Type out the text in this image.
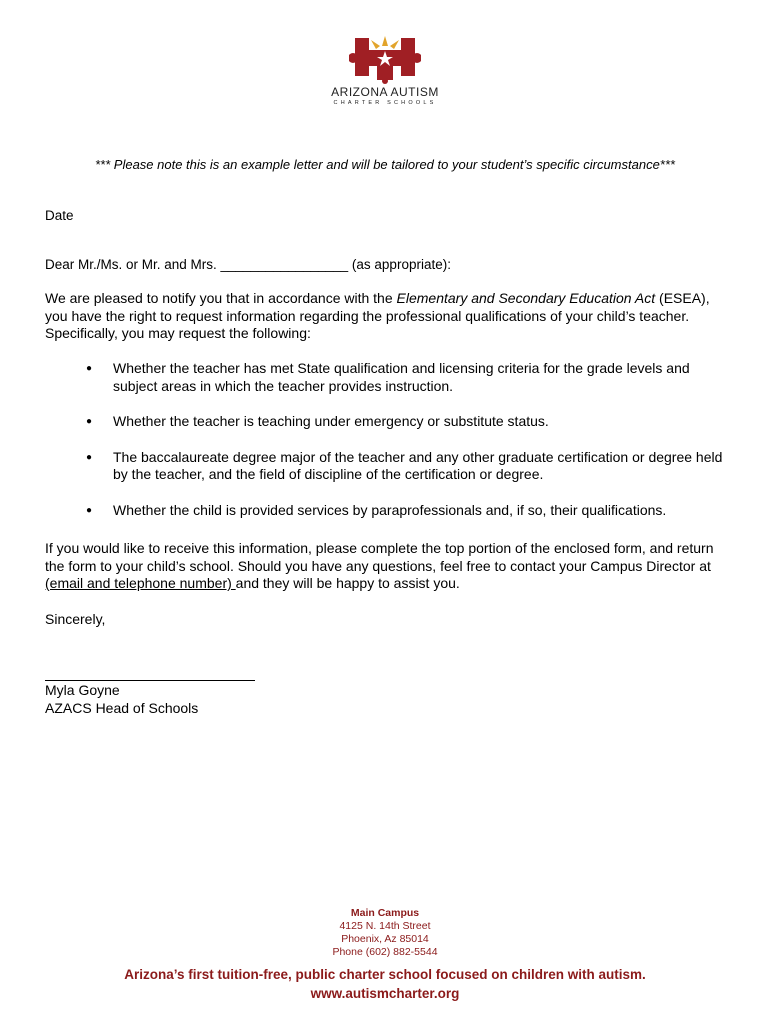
ARIZONA AUTISM
CHARTER SCHOOLS
*** Please note this is an example letter and will be tailored to your student’s specific circumstance***
Date
Dear Mr./Ms. or Mr. and Mrs. _________________ (as appropriate):
We are pleased to notify you that in accordance with the Elementary and Secondary Education Act (ESEA), you have the right to request information regarding the professional qualifications of your child’s teacher. Specifically, you may request the following:
● Whether the teacher has met State qualification and licensing criteria for the grade levels and subject areas in which the teacher provides instruction.
● Whether the teacher is teaching under emergency or substitute status.
● The baccalaureate degree major of the teacher and any other graduate certification or degree held by the teacher, and the field of discipline of the certification or degree.
● Whether the child is provided services by paraprofessionals and, if so, their qualifications.
If you would like to receive this information, please complete the top portion of the enclosed form, and return the form to your child’s school. Should you have any questions, feel free to contact your Campus Director at (email and telephone number) and they will be happy to assist you.
Sincerely,
Myla Goyne
AZACS Head of Schools
Main Campus
4125 N. 14th Street
Phoenix, Az 85014
Phone (602) 882-5544
Arizona’s first tuition-free, public charter school focused on children with autism.
www.autismcharter.org
